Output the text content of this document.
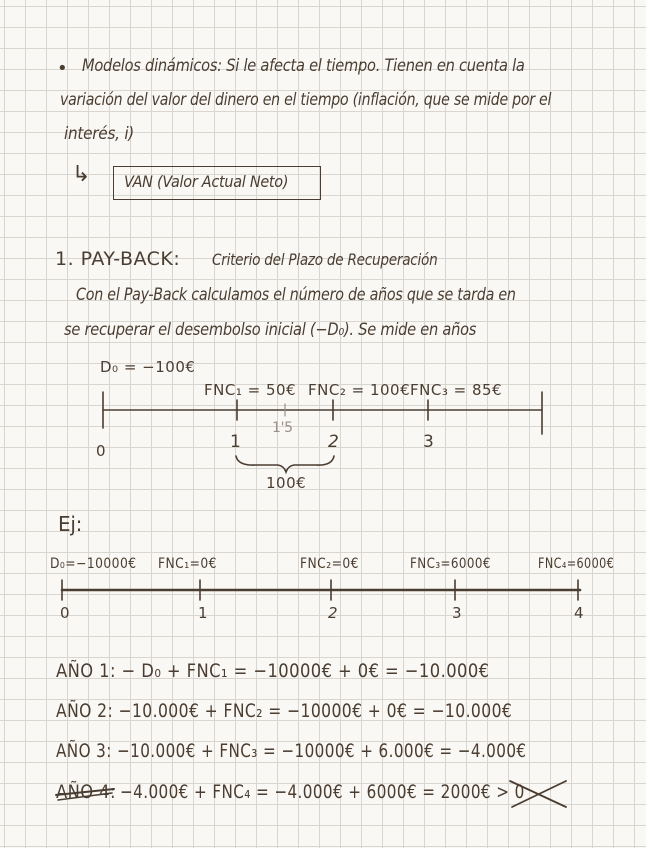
• Modelos dinámicos: Si le afecta el tiempo. Tienen en cuenta la

variación del valor del dinero en el tiempo (inflación, que se mide por el

interés, i)

↳ VAN (Valor Actual Neto)

1. PAY-BACK: Criterio del Plazo de Recuperación

Con el Pay-Back calculamos el número de años que se tarda en

se recuperar el desembolso inicial (−D₀). Se mide en años

D₀ = −100€

FNC₁ = 50€ FNC₂ = 100€ FNC₃ = 85€

0	1
1'5
2	3

100€

Ej:

D₀=−10000€ FNC₁=0€	FNC₂=0€	FNC₃=6000€	FNC₄=6000€

0	1	2	3	4

AÑO 1: − D₀ + FNC₁ = −10000€ + 0€ = −10.000€

AÑO 2: −10.000€ + FNC₂ = −10000€ + 0€ = −10.000€

AÑO 3: −10.000€ + FNC₃ = −10000€ + 6.000€ = −4.000€

AÑO 4: −4.000€ + FNC₄ = −4.000€ + 6000€ = 2000€ > 0
